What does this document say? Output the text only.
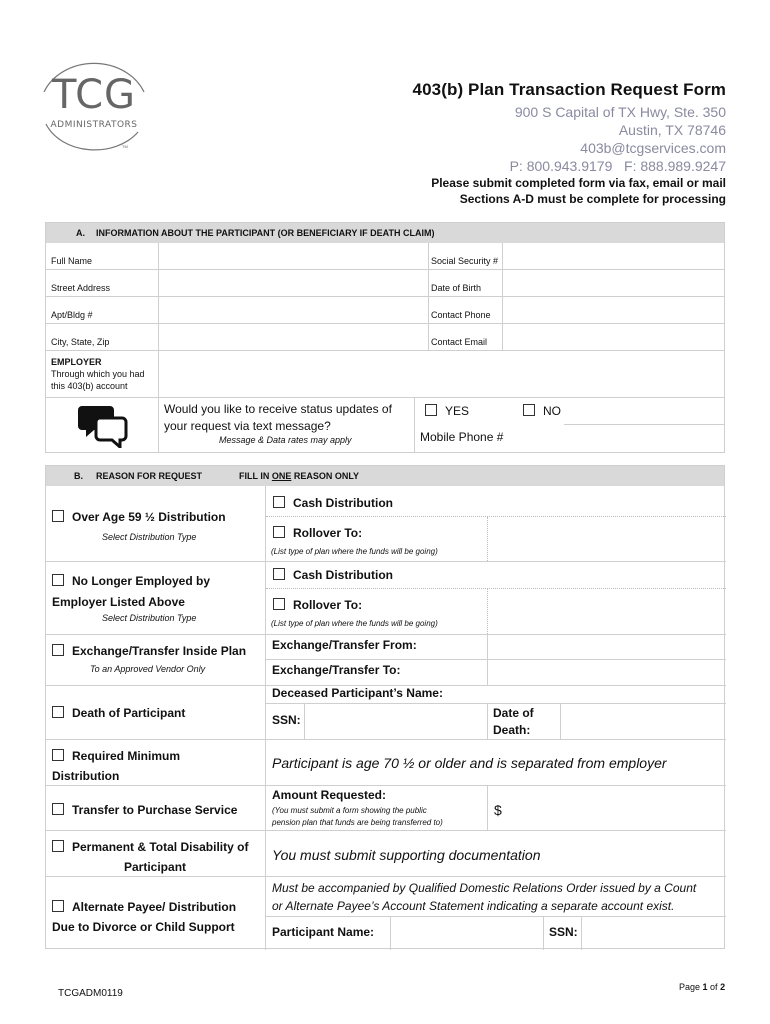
TCG
ADMINISTRATORS
TM
403(b) Plan Transaction Request Form
900 S Capital of TX Hwy, Ste. 350
Austin, TX 78746
403b@tcgservices.com
P: 800.943.9179   F: 888.989.9247
Please submit completed form via fax, email or mail
Sections A-D must be complete for processing
A. INFORMATION ABOUT THE PARTICIPANT (OR BENEFICIARY IF DEATH CLAIM)
Full Name	Social Security #
Street Address	Date of Birth
Apt/Bldg #	Contact Phone
City, State, Zip	Contact Email
EMPLOYER
Through which you had
this 403(b) account
Would you like to receive status updates of
your request via text message?
Message & Data rates may apply
YES	NO
Mobile Phone #
B. REASON FOR REQUEST	FILL IN ONE REASON ONLY
Over Age 59 ½ Distribution
Select Distribution Type
Cash Distribution
Rollover To:
(List type of plan where the funds will be going)
No Longer Employed by
Employer Listed Above
Select Distribution Type
Cash Distribution
Rollover To:
(List type of plan where the funds will be going)
Exchange/Transfer Inside Plan
To an Approved Vendor Only
Exchange/Transfer From:
Exchange/Transfer To:
Death of Participant
Deceased Participant’s Name:
SSN:	Date of
Death:
Required Minimum
Distribution
Participant is age 70 ½ or older and is separated from employer
Transfer to Purchase Service
Amount Requested:
(You must submit a form showing the public
pension plan that funds are being transferred to)
$
Permanent & Total Disability of
Participant
You must submit supporting documentation
Alternate Payee/ Distribution
Due to Divorce or Child Support
Must be accompanied by Qualified Domestic Relations Order issued by a Count
or Alternate Payee’s Account Statement indicating a separate account exist.
Participant Name:	SSN:
TCGADM0119
Page 1 of 2
